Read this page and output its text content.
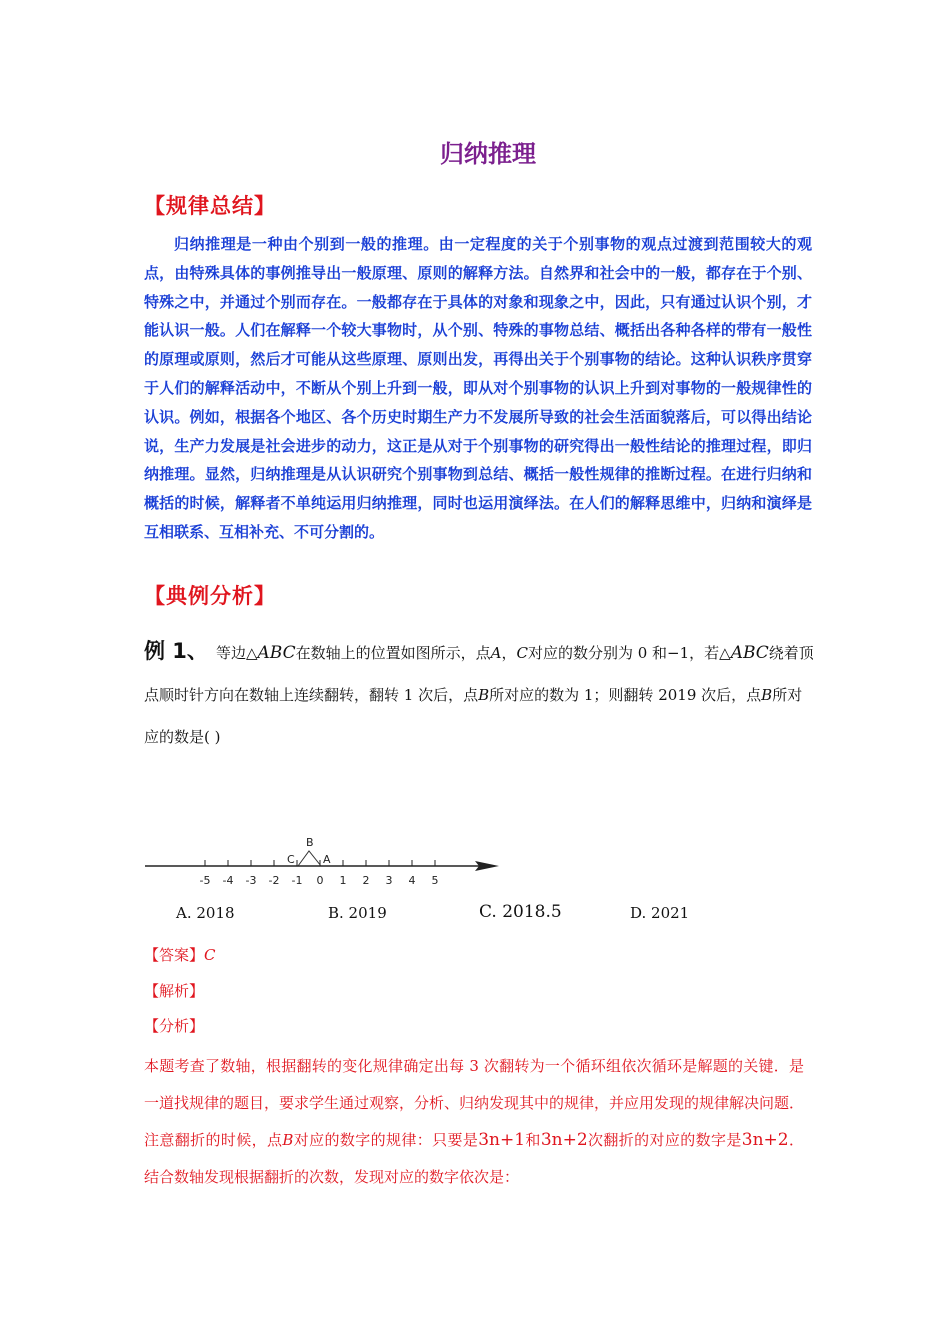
归纳推理
【规律总结】

归纳推理是一种由个别到一般的推理。由一定程度的关于个别事物的观点过渡到范围较大的观点，由特殊具体的事例推导出一般原理、原则的解释方法。自然界和社会中的一般，都存在于个别、特殊之中，并通过个别而存在。一般都存在于具体的对象和现象之中，因此，只有通过认识个别，才能认识一般。人们在解释一个较大事物时，从个别、特殊的事物总结、概括出各种各样的带有一般性的原理或原则，然后才可能从这些原理、原则出发，再得出关于个别事物的结论。这种认识秩序贯穿于人们的解释活动中，不断从个别上升到一般，即从对个别事物的认识上升到对事物的一般规律性的认识。例如，根据各个地区、各个历史时期生产力不发展所导致的社会生活面貌落后，可以得出结论说，生产力发展是社会进步的动力，这正是从对于个别事物的研究得出一般性结论的推理过程，即归纳推理。显然，归纳推理是从认识研究个别事物到总结、概括一般性规律的推断过程。在进行归纳和概括的时候，解释者不单纯运用归纳推理，同时也运用演绎法。在人们的解释思维中，归纳和演绎是互相联系、互相补充、不可分割的。

【典例分析】
例 1、 等边△ABC在数轴上的位置如图所示，点A，C对应的数分别为 0 和−1，若△ABC绕着顶点顺时针方向在数轴上连续翻转，翻转 1 次后，点B所对应的数为 1；则翻转 2019 次后，点B所对应的数是( )
-5 -4 -3 -2 -1 0 1 2 3 4 5
B
C	A
A. 2018	B. 2019	C. 2018.5	D. 2021
【答案】C
【解析】
【分析】

本题考查了数轴，根据翻转的变化规律确定出每 3 次翻转为一个循环组依次循环是解题的关键．是一道找规律的题目，要求学生通过观察，分析、归纳发现其中的规律，并应用发现的规律解决问题．注意翻折的时候，点B对应的数字的规律：只要是3n+1和3n+2次翻折的对应的数字是3n+2．结合数轴发现根据翻折的次数，发现对应的数字依次是：
